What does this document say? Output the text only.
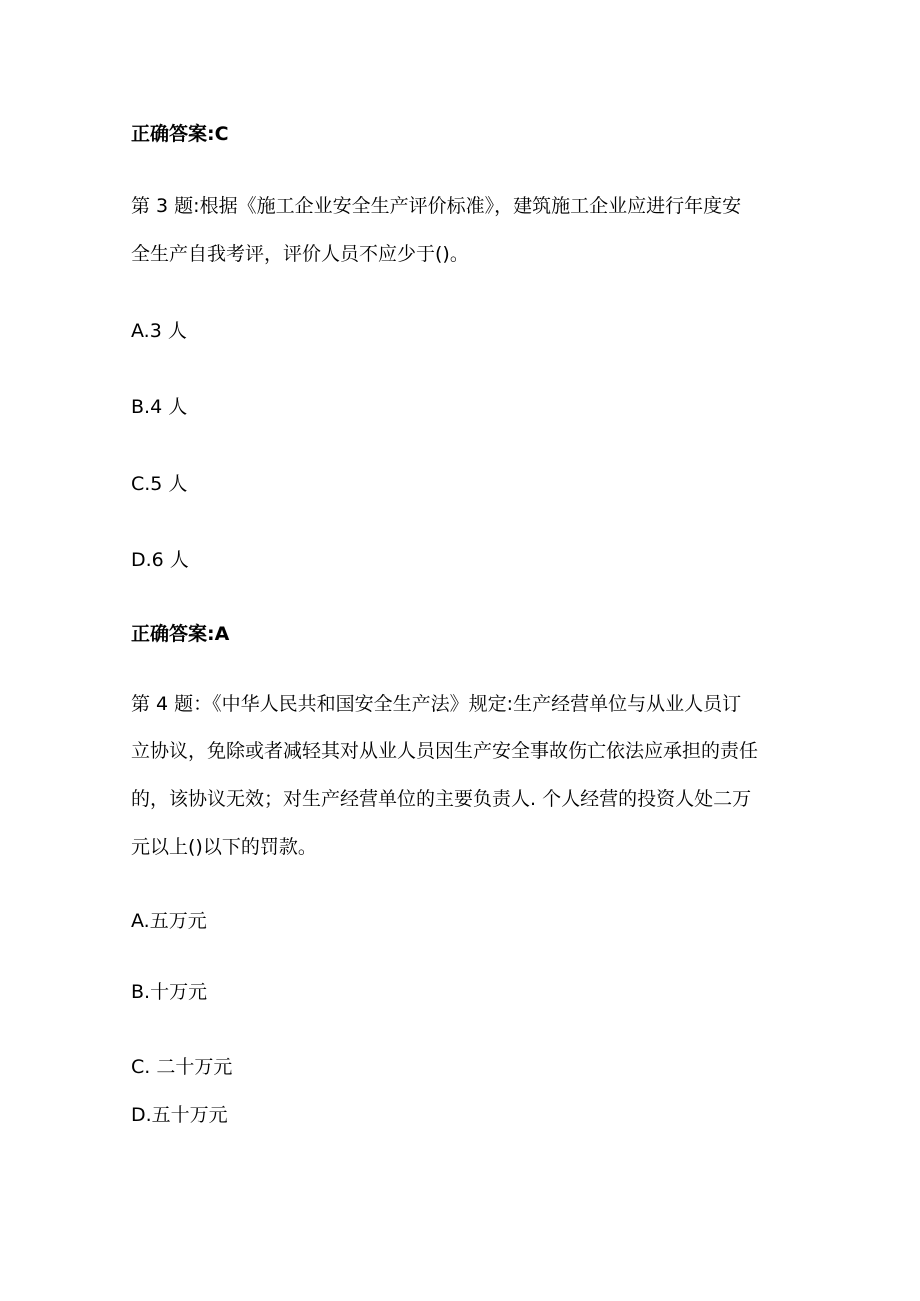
正确答案:C
第 3 题:根据《施工企业安全生产评价标准》，建筑施工企业应进行年度安
全生产自我考评，评价人员不应少于()。
A.3 人
B.4 人
C.5 人
D.6 人
正确答案:A
第 4 题：《中华人民共和国安全生产法》规定:生产经营单位与从业人员订
立协议，免除或者减轻其对从业人员因生产安全事故伤亡依法应承担的责任
的，该协议无效；对生产经营单位的主要负责人. 个人经营的投资人处二万
元以上()以下的罚款。
A.五万元
B.十万元
C. 二十万元
D.五十万元
